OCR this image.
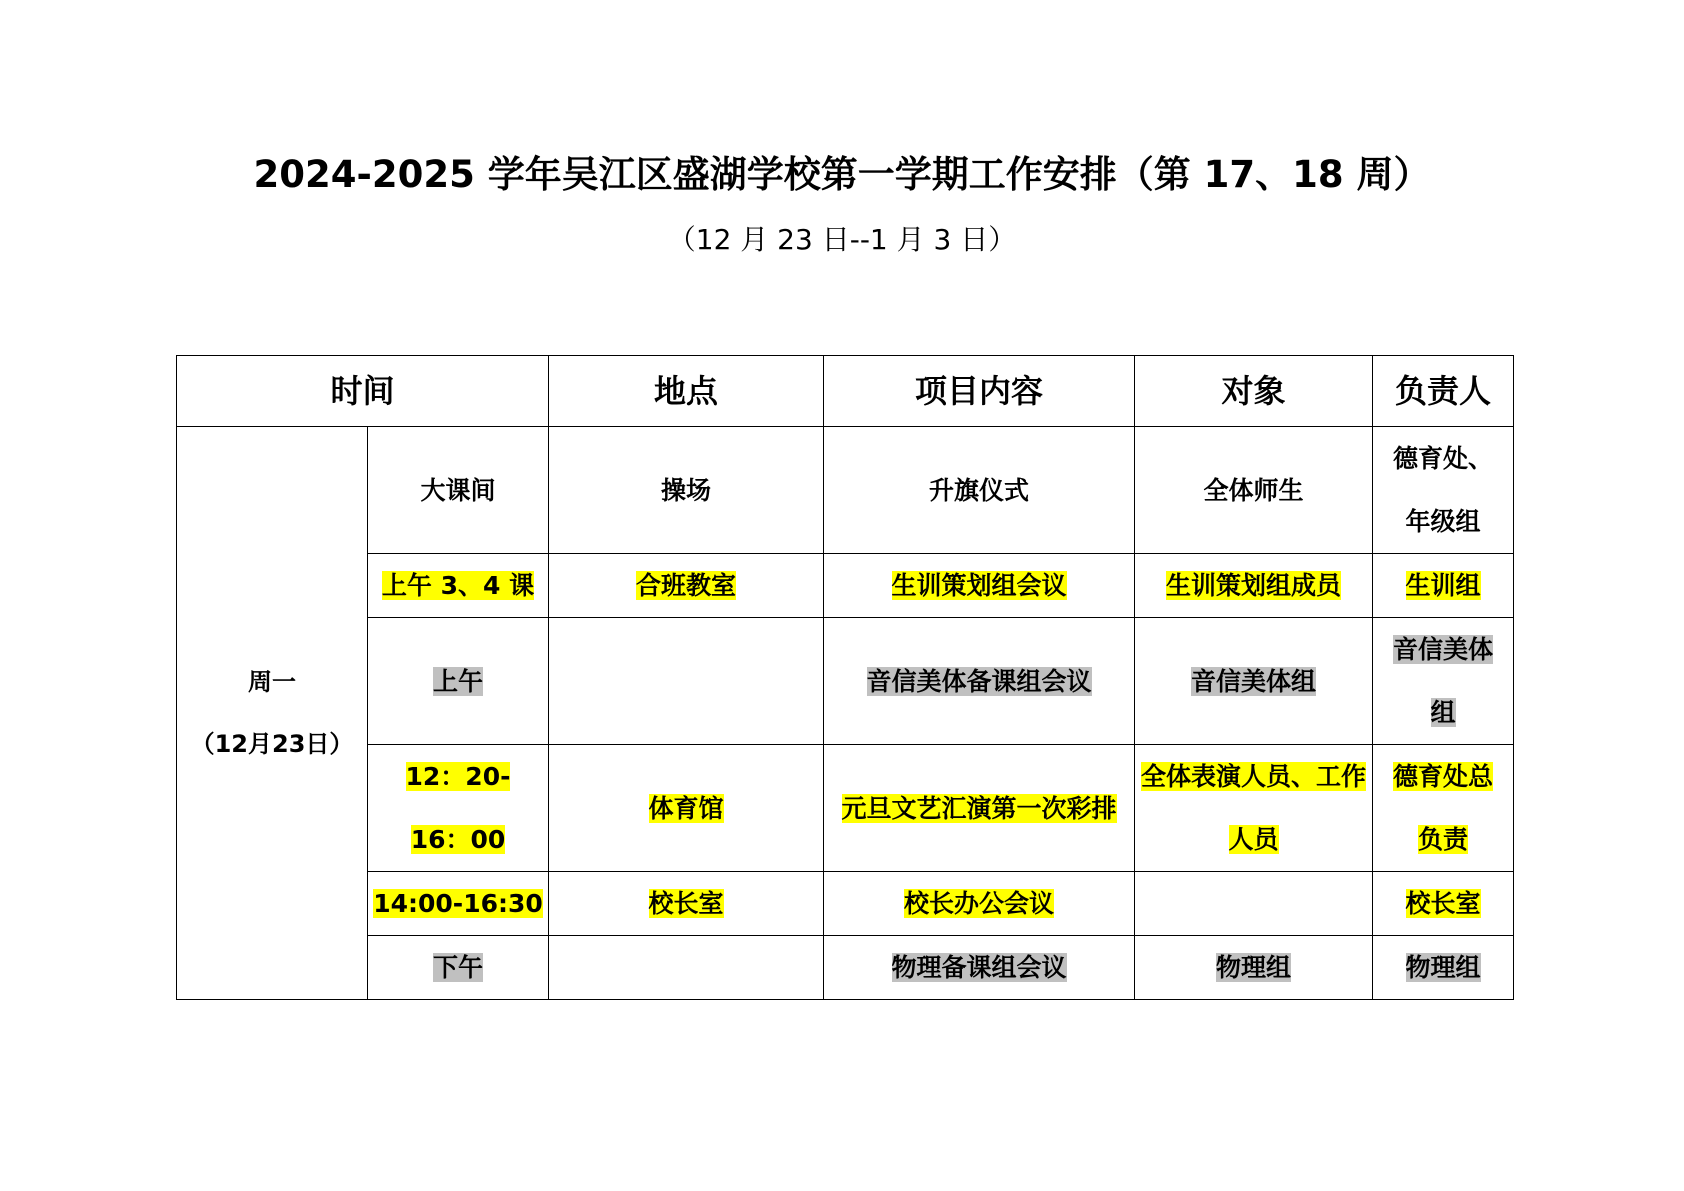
2024-2025 学年吴江区盛湖学校第一学期工作安排（第 17、18 周）
（12 月 23 日--1 月 3 日）
时间		地点	项目内容	对象	负责人

周一
（12月23日）	大课间	操场	升旗仪式	全体师生	德育处、年级组
	上午 3、4 课	合班教室	生训策划组会议	生训策划组成员	生训组
	上午		音信美体备课组会议	音信美体组	音信美体组
	12：20-16：00	体育馆	元旦文艺汇演第一次彩排	全体表演人员、工作人员	德育处总负责
	14:00-16:30	校长室	校长办公会议		校长室
	下午		物理备课组会议	物理组	物理组
